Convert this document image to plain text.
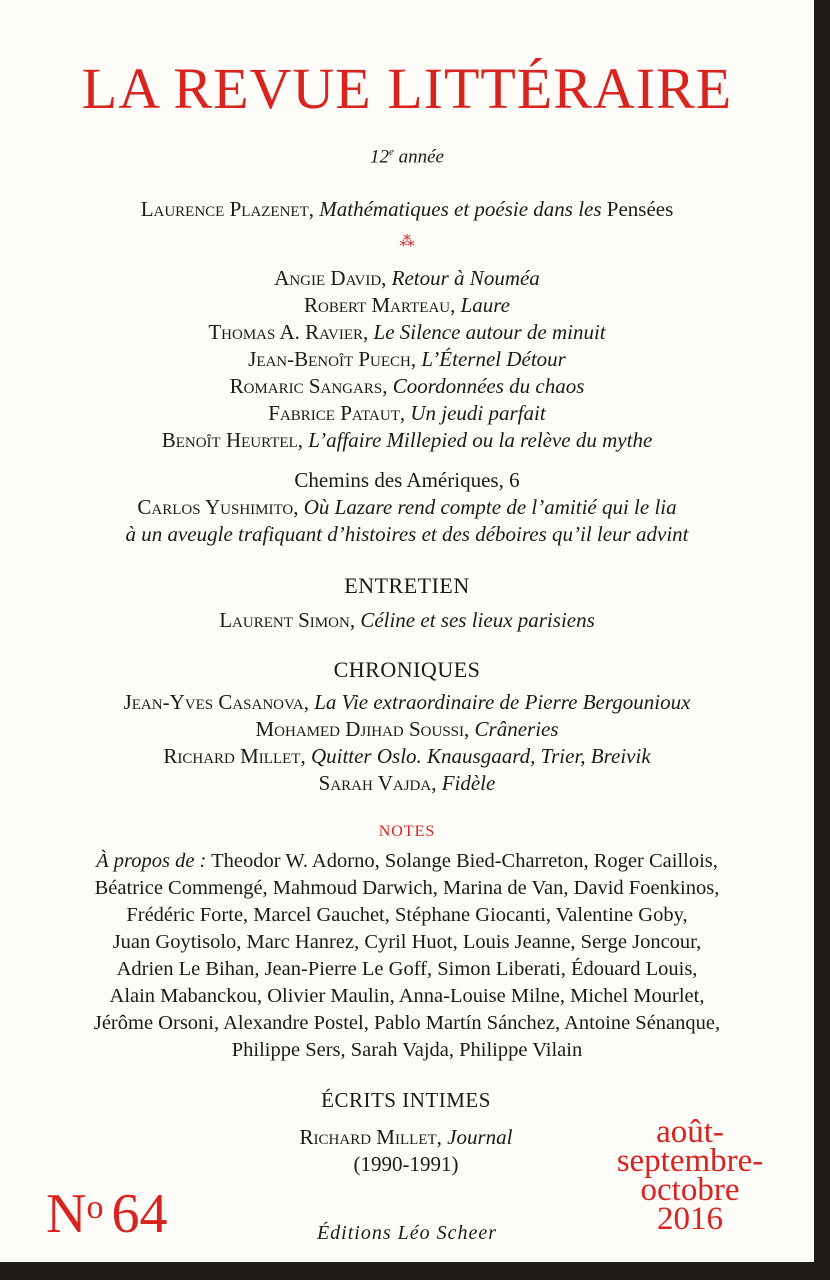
LA REVUE LITTÉRAIRE
12e année
Laurence Plazenet, Mathématiques et poésie dans les Pensées
⁂
Angie David, Retour à Nouméa
Robert Marteau, Laure
Thomas A. Ravier, Le Silence autour de minuit
Jean-Benoît Puech, L’Éternel Détour
Romaric Sangars, Coordonnées du chaos
Fabrice Pataut, Un jeudi parfait
Benoît Heurtel, L’affaire Millepied ou la relève du mythe
Chemins des Amériques, 6
Carlos Yushimito, Où Lazare rend compte de l’amitié qui le lia
à un aveugle trafiquant d’histoires et des déboires qu’il leur advint
ENTRETIEN
Laurent Simon, Céline et ses lieux parisiens
CHRONIQUES
Jean-Yves Casanova, La Vie extraordinaire de Pierre Bergounioux
Mohamed Djihad Soussi, Crâneries
Richard Millet, Quitter Oslo. Knausgaard, Trier, Breivik
Sarah Vajda, Fidèle
NOTES
À propos de : Theodor W. Adorno, Solange Bied-Charreton, Roger Caillois,
Béatrice Commengé, Mahmoud Darwich, Marina de Van, David Foenkinos,
Frédéric Forte, Marcel Gauchet, Stéphane Giocanti, Valentine Goby,
Juan Goytisolo, Marc Hanrez, Cyril Huot, Louis Jeanne, Serge Joncour,
Adrien Le Bihan, Jean-Pierre Le Goff, Simon Liberati, Édouard Louis,
Alain Mabanckou, Olivier Maulin, Anna-Louise Milne, Michel Mourlet,
Jérôme Orsoni, Alexandre Postel, Pablo Martín Sánchez, Antoine Sénanque,
Philippe Sers, Sarah Vajda, Philippe Vilain
ÉCRITS INTIMES
Richard Millet, Journal
(1990-1991)
août-
septembre-
octobre
2016
$N^o$ 64	Éditions Léo Scheer
